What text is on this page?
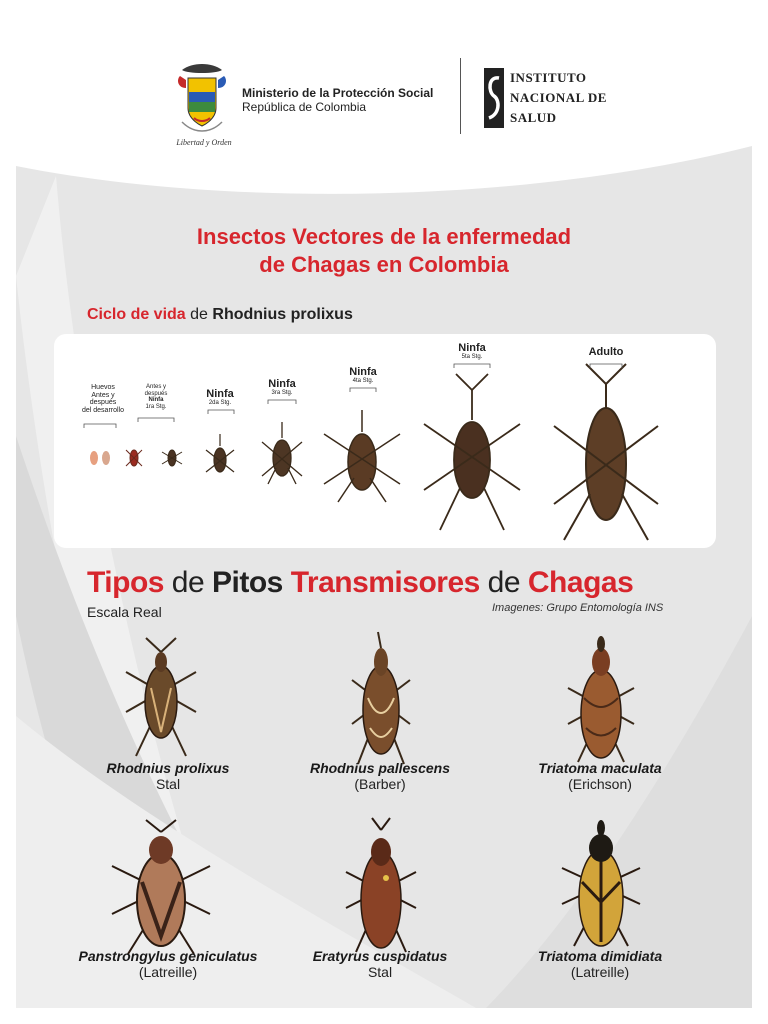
Libertad y Orden
Ministerio de la Protección Social
República de Colombia
INSTITUTO
NACIONAL DE
SALUD
Insectos Vectores de la enfermedad
de Chagas en Colombia
Ciclo de vida de Rhodnius prolixus
Huevos
Antes y
después
del desarrollo
Antes y
después
Ninfa
1ra Stg.
Ninfa
2da Stg.
Ninfa
3ra Stg.
Ninfa
4ta Stg.
Ninfa
5ta Stg.	Adulto
Tipos de Pitos Transmisores de Chagas
Escala Real	Imagenes: Grupo Entomología INS
Rhodnius prolixus
Stal
Rhodnius pallescens
(Barber)
Triatoma maculata
(Erichson)
Panstrongylus geniculatus
(Latreille)
Eratyrus cuspidatus
Stal
Triatoma dimidiata
(Latreille)
